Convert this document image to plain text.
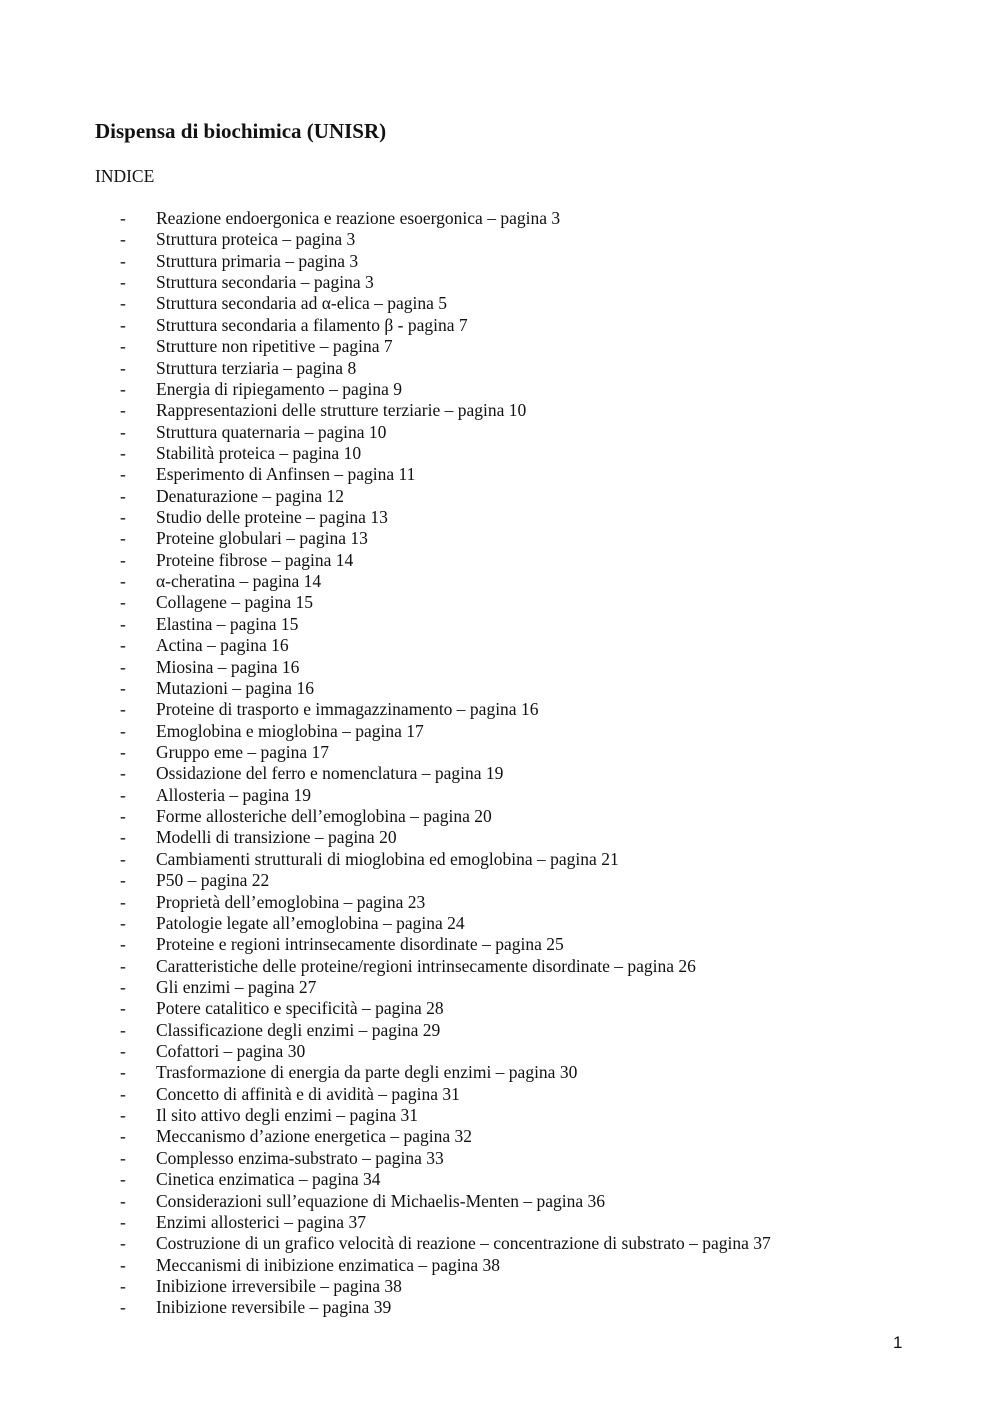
Dispensa di biochimica (UNISR)

INDICE

-	Reazione endoergonica e reazione esoergonica – pagina 3
-	Struttura proteica – pagina 3
-	Struttura primaria – pagina 3
-	Struttura secondaria – pagina 3
-	Struttura secondaria ad α-elica – pagina 5
-	Struttura secondaria a filamento β - pagina 7
-	Strutture non ripetitive – pagina 7
-	Struttura terziaria – pagina 8
-	Energia di ripiegamento – pagina 9
-	Rappresentazioni delle strutture terziarie – pagina 10
-	Struttura quaternaria – pagina 10
-	Stabilità proteica – pagina 10
-	Esperimento di Anfinsen – pagina 11
-	Denaturazione – pagina 12
-	Studio delle proteine – pagina 13
-	Proteine globulari – pagina 13
-	Proteine fibrose – pagina 14
-	α-cheratina – pagina 14
-	Collagene – pagina 15
-	Elastina – pagina 15
-	Actina – pagina 16
-	Miosina – pagina 16
-	Mutazioni – pagina 16
-	Proteine di trasporto e immagazzinamento – pagina 16
-	Emoglobina e mioglobina – pagina 17
-	Gruppo eme – pagina 17
-	Ossidazione del ferro e nomenclatura – pagina 19
-	Allosteria – pagina 19
-	Forme allosteriche dell’emoglobina – pagina 20
-	Modelli di transizione – pagina 20
-	Cambiamenti strutturali di mioglobina ed emoglobina – pagina 21
-	P50 – pagina 22
-	Proprietà dell’emoglobina – pagina 23
-	Patologie legate all’emoglobina – pagina 24
-	Proteine e regioni intrinsecamente disordinate – pagina 25
-	Caratteristiche delle proteine/regioni intrinsecamente disordinate – pagina 26
-	Gli enzimi – pagina 27
-	Potere catalitico e specificità – pagina 28
-	Classificazione degli enzimi – pagina 29
-	Cofattori – pagina 30
-	Trasformazione di energia da parte degli enzimi – pagina 30
-	Concetto di affinità e di avidità – pagina 31
-	Il sito attivo degli enzimi – pagina 31
-	Meccanismo d’azione energetica – pagina 32
-	Complesso enzima-substrato – pagina 33
-	Cinetica enzimatica – pagina 34
-	Considerazioni sull’equazione di Michaelis-Menten – pagina 36
-	Enzimi allosterici – pagina 37
-	Costruzione di un grafico velocità di reazione – concentrazione di substrato – pagina 37
-	Meccanismi di inibizione enzimatica – pagina 38
-	Inibizione irreversibile – pagina 38
-	Inibizione reversibile – pagina 39

1
